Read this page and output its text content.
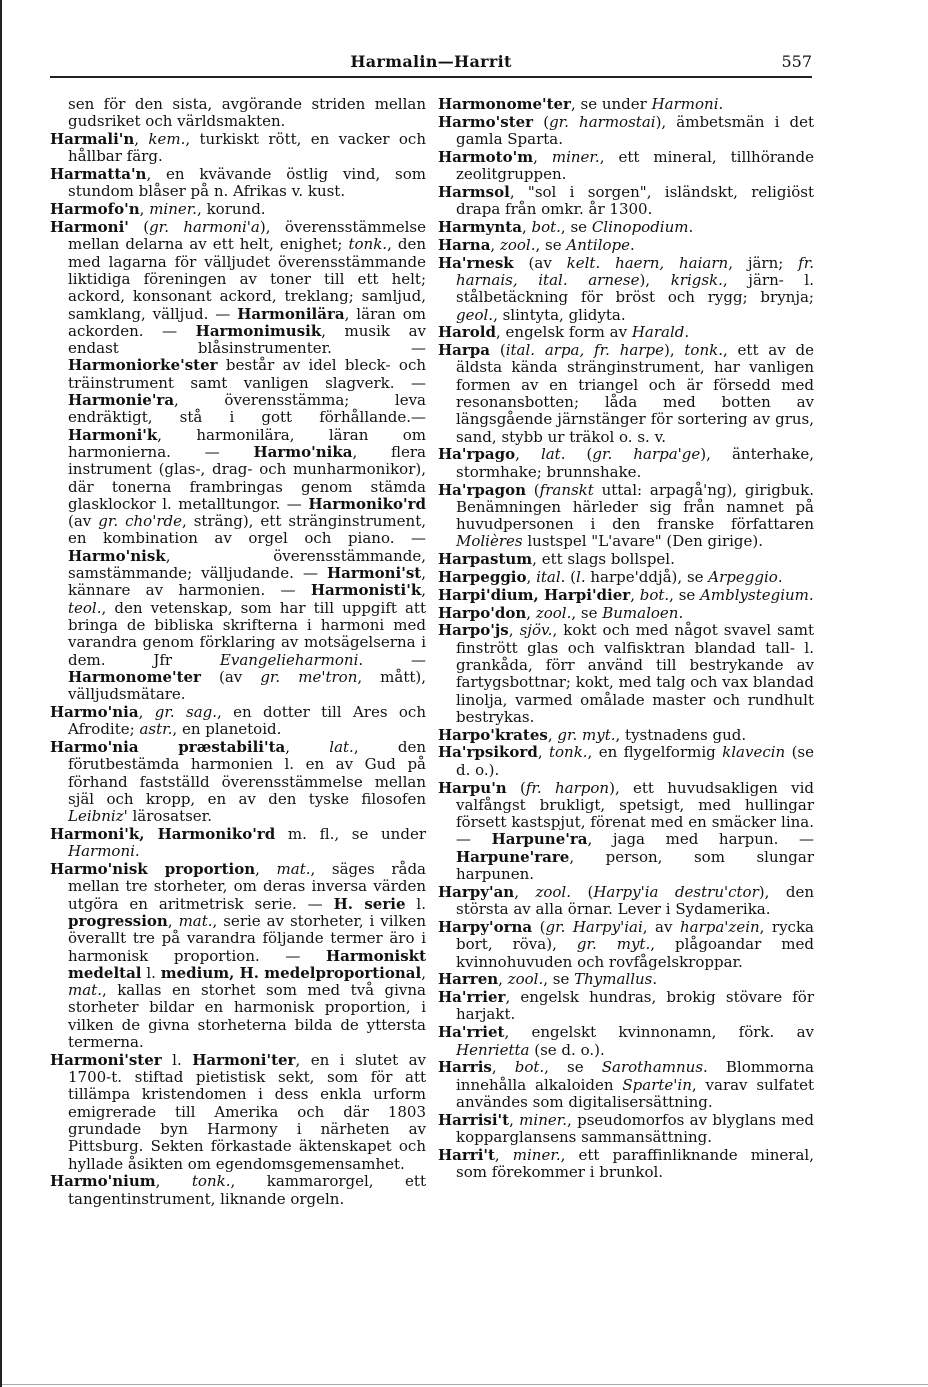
Harmalin—Harrit	557

sen för den sista, avgörande striden mellan gudsriket och världsmakten.

Harmali'n, kem., turkiskt rött, en vacker och hållbar färg.

Harmatta'n, en kvävande östlig vind, som stundom blåser på n. Afrikas v. kust.

Harmofo'n, miner., korund.

Harmoni' (gr. harmoni'a), överensstämmelse mellan delarna av ett helt, enighet; tonk., den med lagarna för välljudet överensstämmande liktidiga föreningen av toner till ett helt; ackord, konsonant ackord, treklang; samljud, samklang, välljud. — Harmonilära, läran om ackorden. — Harmonimusik, musik av endast blåsinstrumenter. — Harmoniorke'ster består av idel bleck- och träinstrument samt vanligen slagverk. — Harmonie'ra, överensstämma; leva endräktigt, stå i gott förhållande.—Harmoni'k, harmonilära, läran om harmonierna. — Harmo'nika, flera instrument (glas-, drag- och munharmonikor), där tonerna frambringas genom stämda glasklockor l. metalltungor. — Harmoniko'rd (av gr. cho'rde, sträng), ett stränginstrument, en kombination av orgel och piano. — Harmo'nisk, överensstämmande, samstämmande; välljudande. — Harmoni'st, kännare av harmonien. — Harmonisti'k, teol., den vetenskap, som har till uppgift att bringa de bibliska skrifterna i harmoni med varandra genom förklaring av motsägelserna i dem. Jfr Evangelieharmoni. — Harmonome'ter (av gr. me'tron, mått), välljudsmätare.

Harmo'nia, gr. sag., en dotter till Ares och Afrodite; astr., en planetoid.

Harmo'nia præstabili'ta, lat., den förutbestämda harmonien l. en av Gud på förhand fastställd överensstämmelse mellan själ och kropp, en av den tyske filosofen Leibniz' lärosatser.

Harmoni'k, Harmoniko'rd m. fl., se under Harmoni.

Harmo'nisk proportion, mat., säges råda mellan tre storheter, om deras inversa värden utgöra en aritmetrisk serie. — H. serie l. progression, mat., serie av storheter, i vilken överallt tre på varandra följande termer äro i harmonisk proportion. — Harmoniskt medeltal l. medium, H. medelproportional, mat., kallas en storhet som med två givna storheter bildar en harmonisk proportion, i vilken de givna storheterna bilda de yttersta termerna.

Harmoni'ster l. Harmoni'ter, en i slutet av 1700-t. stiftad pietistisk sekt, som för att tillämpa kristendomen i dess enkla urform emigrerade till Amerika och där 1803 grundade byn Harmony i närheten av Pittsburg. Sekten förkastade äktenskapet och hyllade åsikten om egendomsgemensamhet.

Harmo'nium, tonk., kammarorgel, ett tangentinstrument, liknande orgeln.

Harmonome'ter, se under Harmoni.

Harmo'ster (gr. harmostai), ämbetsmän i det gamla Sparta.

Harmoto'm, miner., ett mineral, tillhörande zeolitgruppen.

Harmsol, "sol i sorgen", isländskt, religiöst drapa från omkr. år 1300.

Harmynta, bot., se Clinopodium.

Harna, zool., se Antilope.

Ha'rnesk (av kelt. haern, haiarn, järn; fr. harnais, ital. arnese), krigsk., järn- l. stålbetäckning för bröst och rygg; brynja; geol., slintyta, glidyta.

Harold, engelsk form av Harald.

Harpa (ital. arpa, fr. harpe), tonk., ett av de äldsta kända stränginstrument, har vanligen formen av en triangel och är försedd med resonansbotten; låda med botten av längsgående järnstänger för sortering av grus, sand, stybb ur träkol o. s. v.

Ha'rpago, lat. (gr. harpa'ge), änterhake, stormhake; brunnshake.

Ha'rpagon (franskt uttal: arpagå'ng), girigbuk. Benämningen härleder sig från namnet på huvudpersonen i den franske författaren Molières lustspel "L'avare" (Den girige).

Harpastum, ett slags bollspel.

Harpeggio, ital. (l. harpe'ddjå), se Arpeggio.

Harpi'dium, Harpi'dier, bot., se Amblystegium.

Harpo'don, zool., se Bumaloen.

Harpo'js, sjöv., kokt och med något svavel samt finstrött glas och valfisktran blandad tall- l. grankåda, förr använd till bestrykande av fartygsbottnar; kokt, med talg och vax blandad linolja, varmed omålade master och rundhult bestrykas.

Harpo'krates, gr. myt., tystnadens gud.

Ha'rpsikord, tonk., en flygelformig klavecin (se d. o.).

Harpu'n (fr. harpon), ett huvudsakligen vid valfångst brukligt, spetsigt, med hullingar försett kastspjut, förenat med en smäcker lina. — Harpune'ra, jaga med harpun. — Harpune'rare, person, som slungar harpunen.

Harpy'an, zool. (Harpy'ia destru'ctor), den största av alla örnar. Lever i Sydamerika.

Harpy'orna (gr. Harpy'iai, av harpa'zein, rycka bort, röva), gr. myt., plågoandar med kvinnohuvuden och rovfågelskroppar.

Harren, zool., se Thymallus.

Ha'rrier, engelsk hundras, brokig stövare för harjakt.

Ha'rriet, engelskt kvinnonamn, förk. av Henrietta (se d. o.).

Harris, bot., se Sarothamnus. Blommorna innehålla alkaloiden Sparte'in, varav sulfatet användes som digitalisersättning.

Harrisi't, miner., pseudomorfos av blyglans med kopparglansens sammansättning.

Harri't, miner., ett paraffinliknande mineral, som förekommer i brunkol.
